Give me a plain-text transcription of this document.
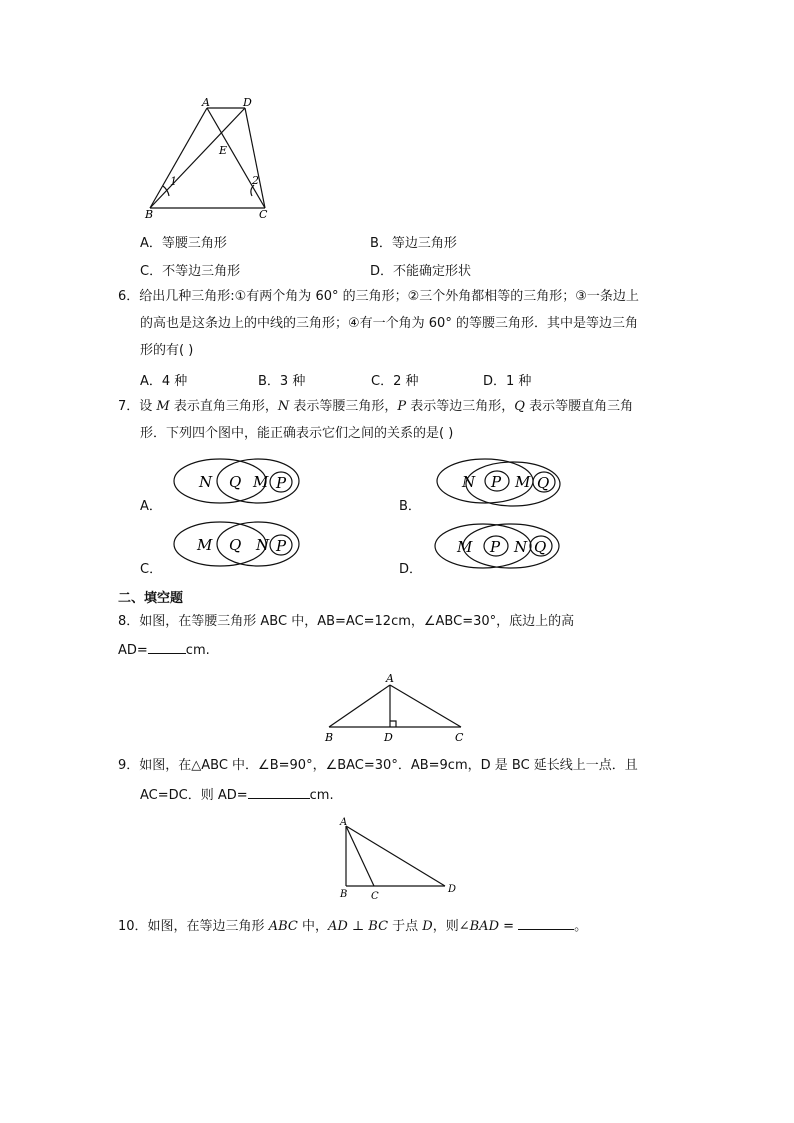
A	D
E
B	C
1	2
A．等腰三角形	B．等边三角形
C．不等边三角形	D．不能确定形状
6．给出几种三角形:①有两个角为 60° 的三角形；②三个外角都相等的三角形；③一条边上
的高也是这条边上的中线的三角形；④有一个角为 60° 的等腰三角形．其中是等边三角
形的有( )
A．4 种	B．3 种	C．2 种	D．1 种
7．设 M 表示直角三角形，N 表示等腰三角形，P 表示等边三角形，Q 表示等腰直角三角
形．下列四个图中，能正确表示它们之间的关系的是( )
N Q M P	N P M Q
M Q N P	M P N Q
A．	B．
C．	D．
二、填空题
8．如图，在等腰三角形 ABC 中，AB=AC=12cm，∠ABC=30°，底边上的高
AD=	cm.
A
B	D	C
9．如图，在△ABC 中．∠B=90°，∠BAC=30°．AB=9cm，D 是 BC 延长线上一点．且
AC=DC．则 AD=	cm.
A
B C
D
10．如图，在等边三角形 ABC 中，AD ⊥ BC 于点 D，则∠BAD =	。
